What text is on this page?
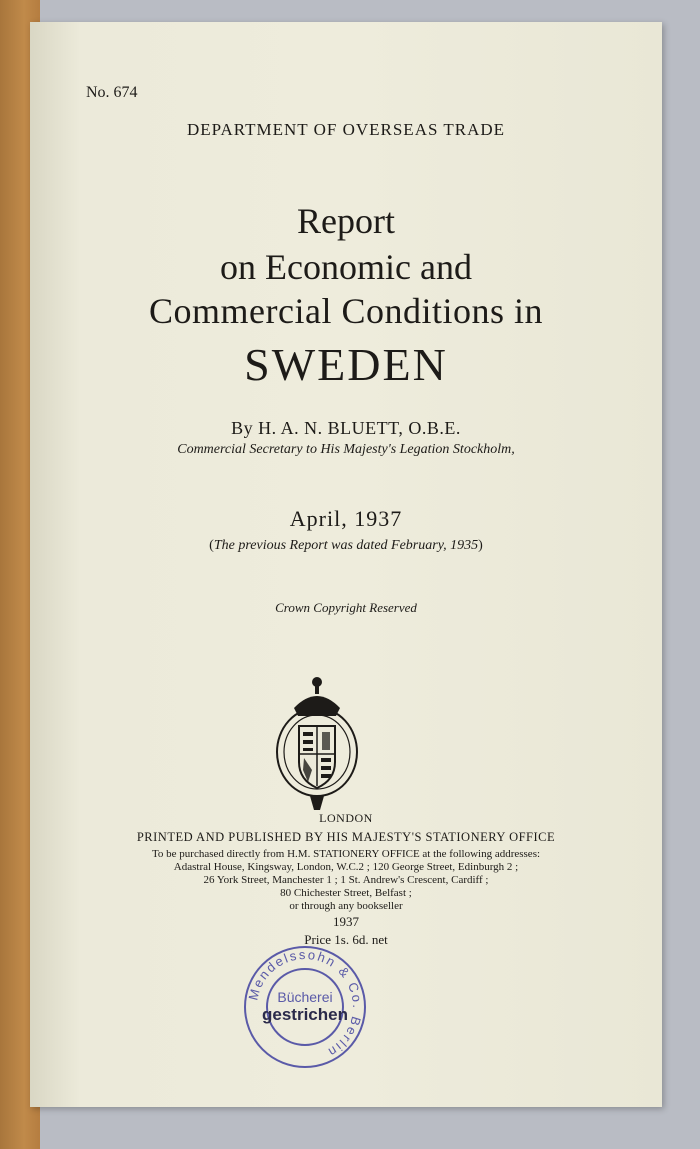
No. 674
DEPARTMENT OF OVERSEAS TRADE
Report
on Economic and
Commercial Conditions in
SWEDEN
By H. A. N. BLUETT, O.B.E.
Commercial Secretary to His Majesty's Legation Stockholm,
April, 1937
(The previous Report was dated February, 1935)
Crown Copyright Reserved
LONDON
PRINTED AND PUBLISHED BY HIS MAJESTY'S STATIONERY OFFICE
To be purchased directly from H.M. STATIONERY OFFICE at the following addresses:
Adastral House, Kingsway, London, W.C.2 ; 120 George Street, Edinburgh 2 ;
26 York Street, Manchester 1 ; 1 St. Andrew's Crescent, Cardiff ;
80 Chichester Street, Belfast ;
or through any bookseller
1937
Price 1s. 6d. net
Mendelssohn & Co. Berlin
Bücherei
gestrichen
